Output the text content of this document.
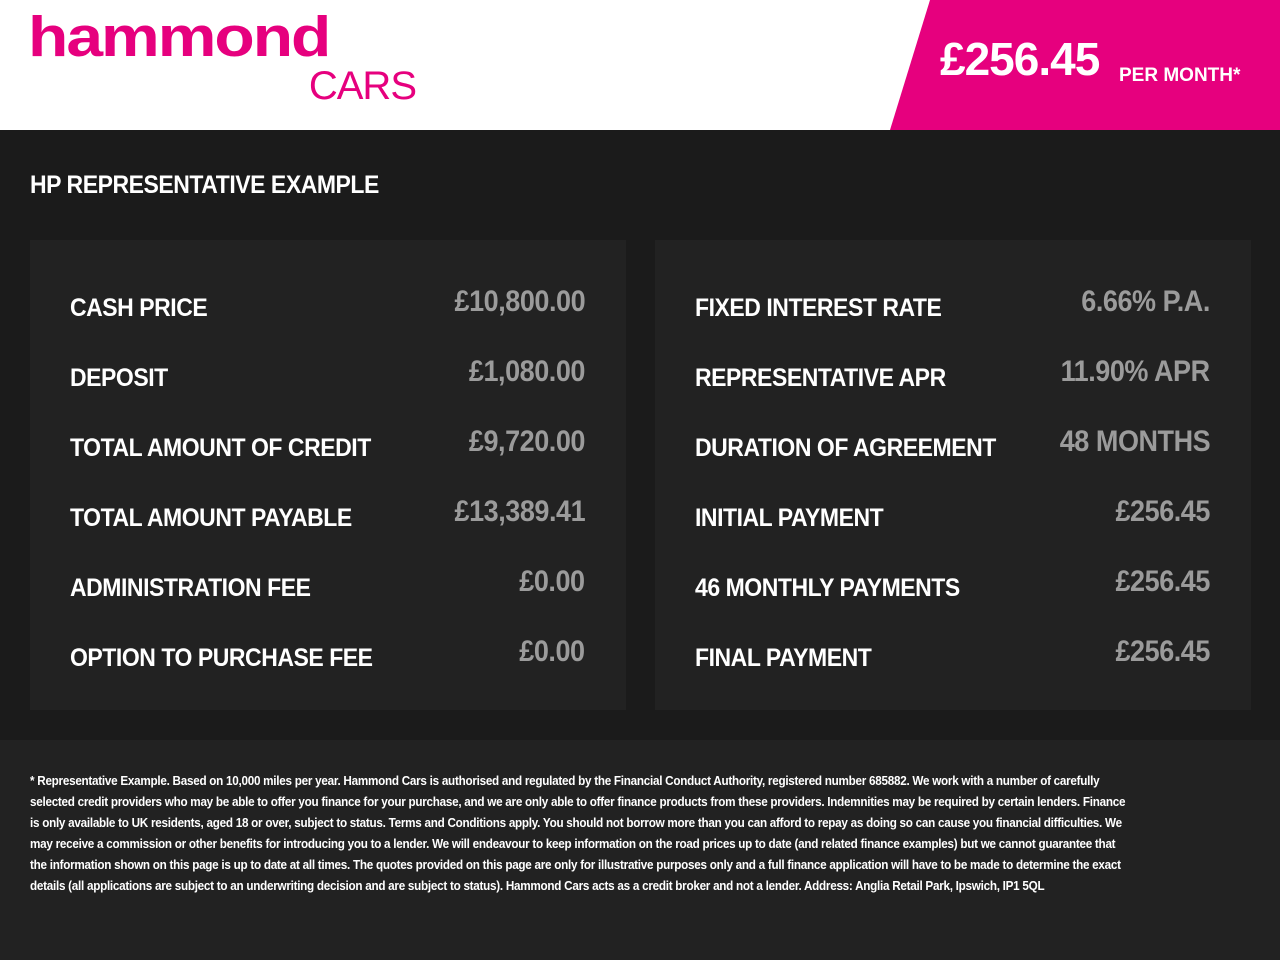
hammond
CARS
£256.45 PER MONTH*
HP REPRESENTATIVE EXAMPLE
CASH PRICE	£10,800.00
DEPOSIT	£1,080.00
TOTAL AMOUNT OF CREDIT	£9,720.00
TOTAL AMOUNT PAYABLE	£13,389.41
ADMINISTRATION FEE	£0.00
OPTION TO PURCHASE FEE	£0.00
FIXED INTEREST RATE	6.66% P.A.
REPRESENTATIVE APR	11.90% APR
DURATION OF AGREEMENT 48 MONTHS
INITIAL PAYMENT	£256.45
46 MONTHLY PAYMENTS	£256.45
FINAL PAYMENT	£256.45
* Representative Example. Based on 10,000 miles per year. Hammond Cars is authorised and regulated by the Financial Conduct Authority, registered number 685882. We work with a number of carefully selected credit providers who may be able to offer you finance for your purchase, and we are only able to offer finance products from these providers. Indemnities may be required by certain lenders. Finance is only available to UK residents, aged 18 or over, subject to status. Terms and Conditions apply. You should not borrow more than you can afford to repay as doing so can cause you financial difficulties. We may receive a commission or other benefits for introducing you to a lender. We will endeavour to keep information on the road prices up to date (and related finance examples) but we cannot guarantee that the information shown on this page is up to date at all times. The quotes provided on this page are only for illustrative purposes only and a full finance application will have to be made to determine the exact details (all applications are subject to an underwriting decision and are subject to status). Hammond Cars acts as a credit broker and not a lender. Address: Anglia Retail Park, Ipswich, IP1 5QL
